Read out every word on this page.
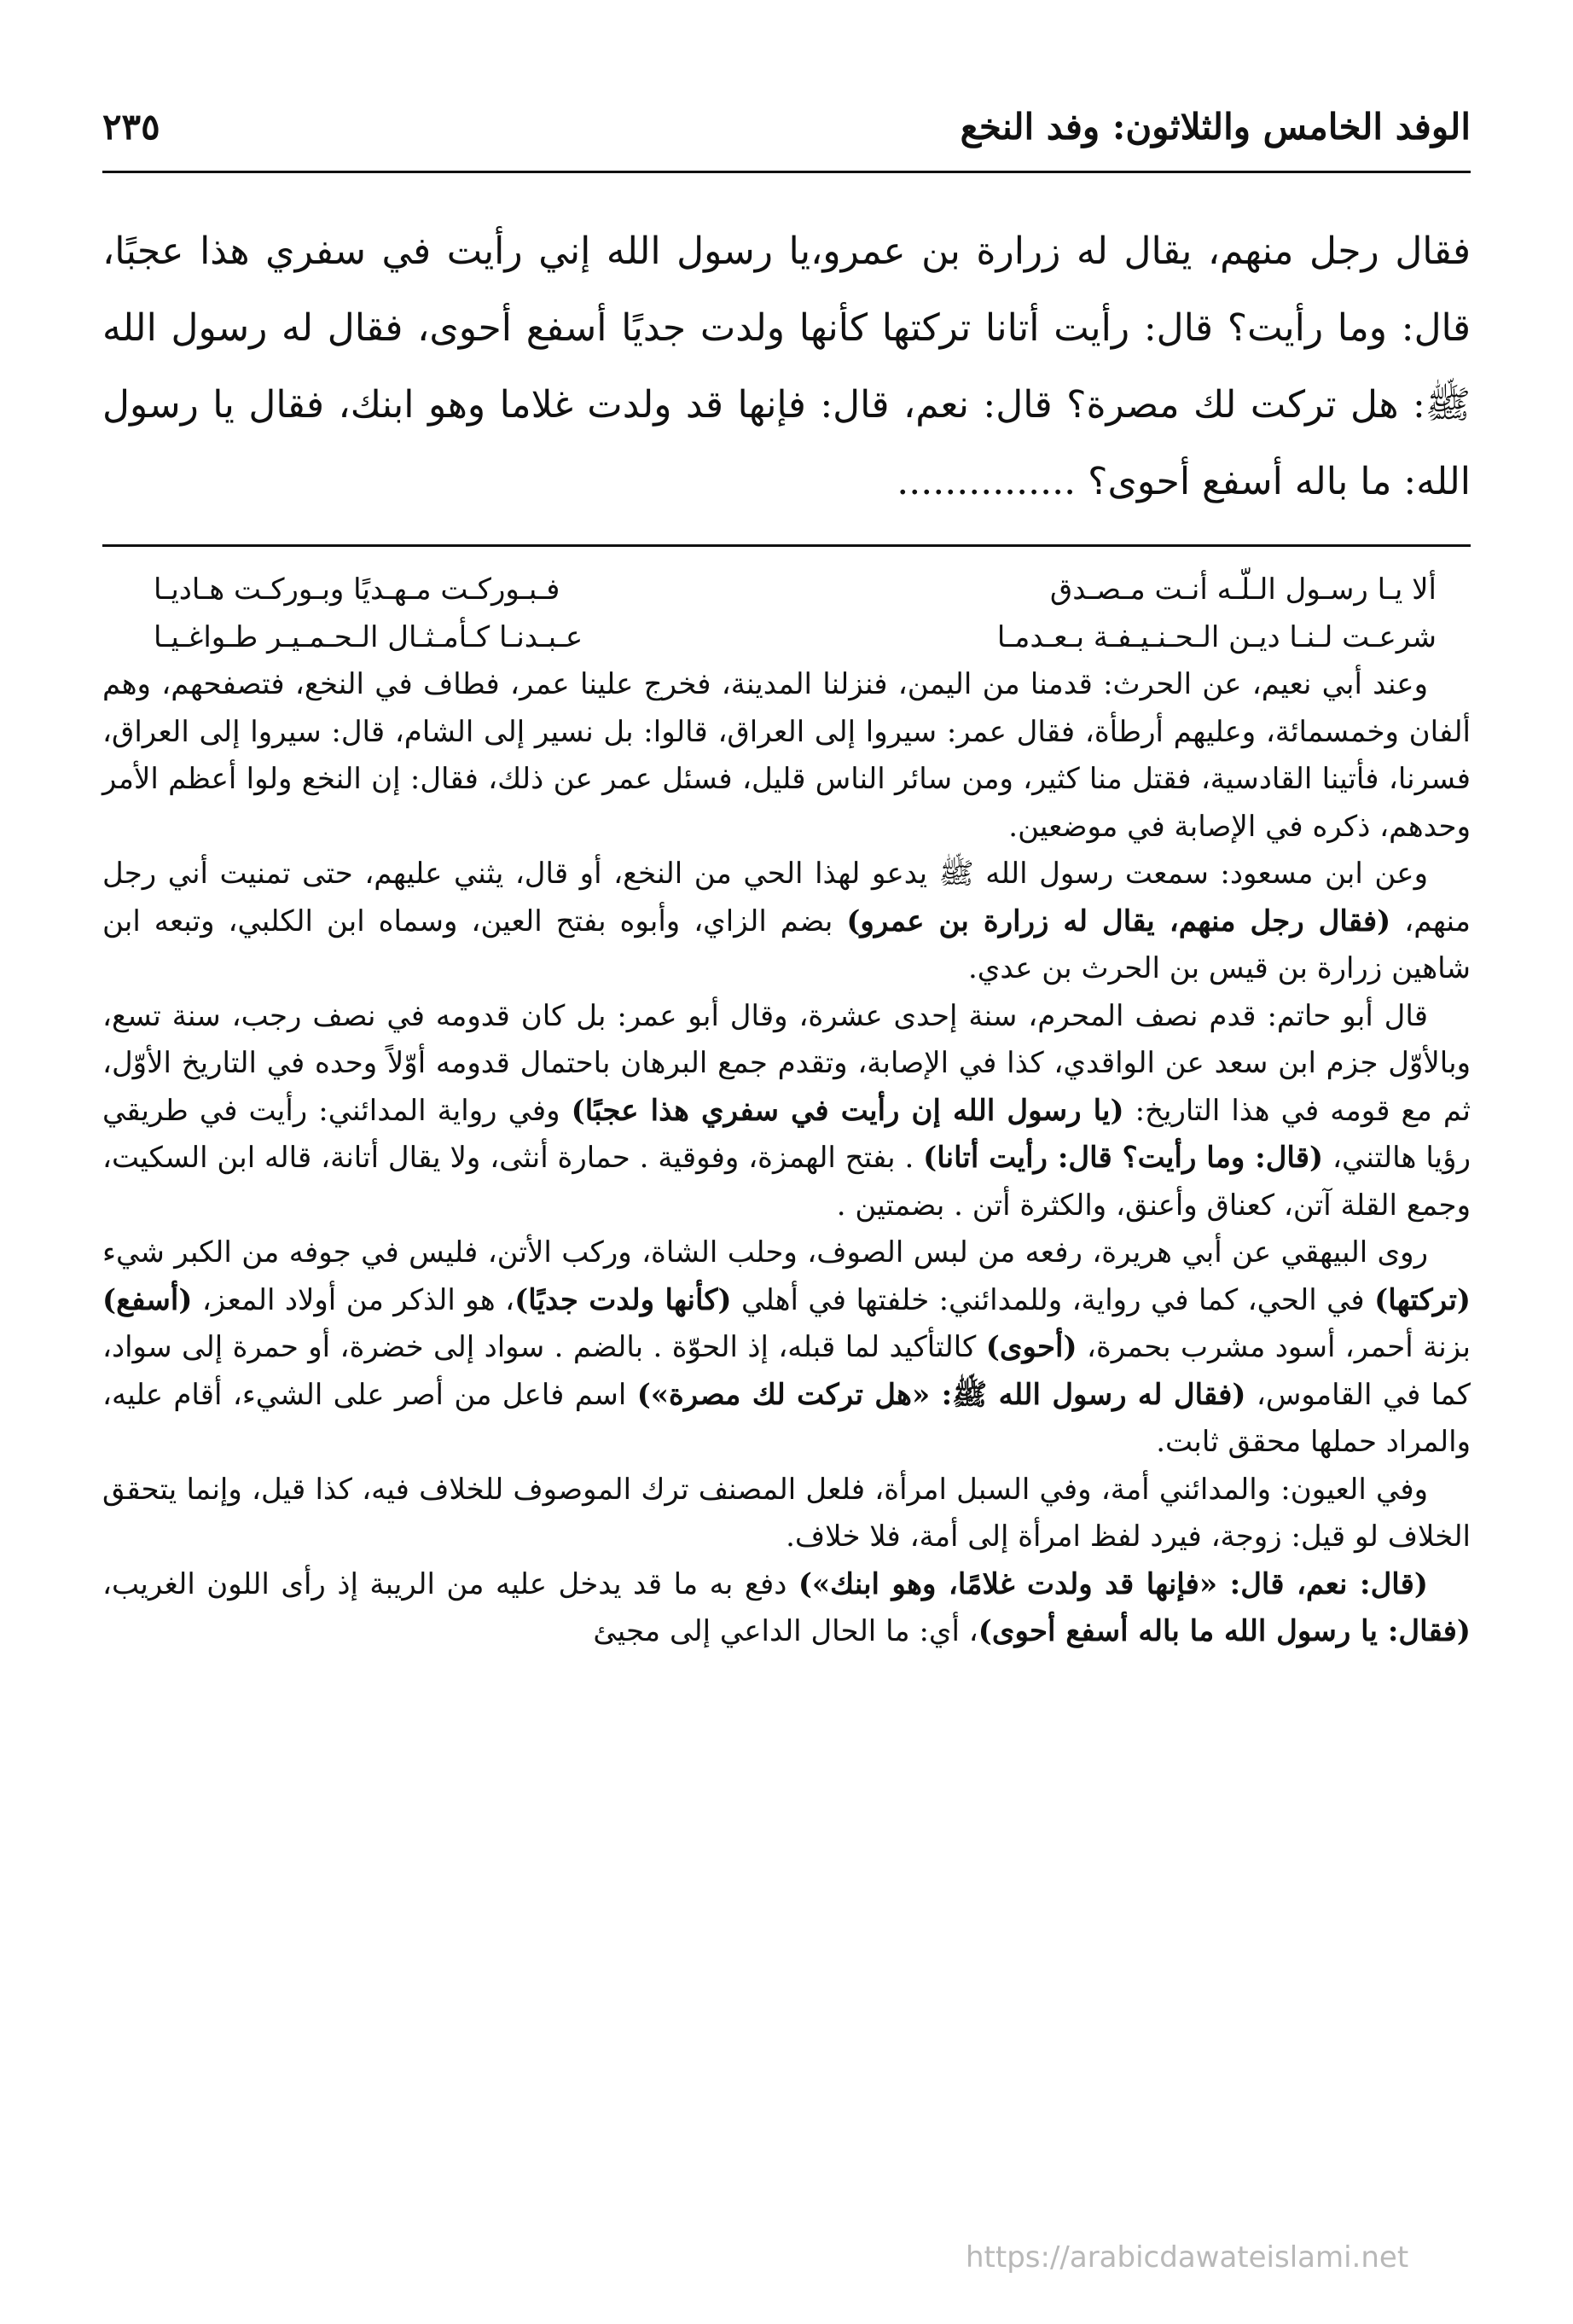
الوفد الخامس والثلاثون: وفد النخع
٢٣٥

فقال رجل منهم، يقال له زرارة بن عمرو،يا رسول الله إني رأيت في سفري هذا عجبًا، قال: وما رأيت؟ قال: رأيت أتانا تركتها كأنها ولدت جديًا أسفع أحوى، فقال له رسول الله ﷺ: هل تركت لك مصرة؟ قال: نعم، قال: فإنها قد ولدت غلاما وهو ابنك، فقال يا رسول الله: ما باله أسفع أحوى؟ ...............

ألا يـا رسـول الـلّـه أنـت مـصـدق
فـبـوركـت مـهـديًا وبـوركـت هـاديـا

شرعـت لـنـا ديـن الـحـنـيـفـة بـعـدمـا
عـبـدنـا كـأمـثـال الـحـمـيـر طـواغـيـا

وعند أبي نعيم، عن الحرث: قدمنا من اليمن، فنزلنا المدينة، فخرج علينا عمر، فطاف في النخع، فتصفحهم، وهم ألفان وخمسمائة، وعليهم أرطأة، فقال عمر: سيروا إلى العراق، قالوا: بل نسير إلى الشام، قال: سيروا إلى العراق، فسرنا، فأتينا القادسية، فقتل منا كثير، ومن سائر الناس قليل، فسئل عمر عن ذلك، فقال: إن النخع ولوا أعظم الأمر وحدهم، ذكره في الإصابة في موضعين.

وعن ابن مسعود: سمعت رسول الله ﷺ يدعو لهذا الحي من النخع، أو قال، يثني عليهم، حتى تمنيت أني رجل منهم، (فقال رجل منهم، يقال له زرارة بن عمرو) بضم الزاي، وأبوه بفتح العين، وسماه ابن الكلبي، وتبعه ابن شاهين زرارة بن قيس بن الحرث بن عدي.

قال أبو حاتم: قدم نصف المحرم، سنة إحدى عشرة، وقال أبو عمر: بل كان قدومه في نصف رجب، سنة تسع، وبالأوّل جزم ابن سعد عن الواقدي، كذا في الإصابة، وتقدم جمع البرهان باحتمال قدومه أوّلاً وحده في التاريخ الأوّل، ثم مع قومه في هذا التاريخ: (يا رسول الله إن رأيت في سفري هذا عجبًا) وفي رواية المدائني: رأيت في طريقي رؤيا هالتني، (قال: وما رأيت؟ قال: رأيت أتانا) . بفتح الهمزة، وفوقية . حمارة أنثى، ولا يقال أتانة، قاله ابن السكيت، وجمع القلة آتن، كعناق وأعنق، والكثرة أتن . بضمتين .

روى البيهقي عن أبي هريرة، رفعه من لبس الصوف، وحلب الشاة، وركب الأتن، فليس في جوفه من الكبر شيء (تركتها) في الحي، كما في رواية، وللمدائني: خلفتها في أهلي (كأنها ولدت جديًا)، هو الذكر من أولاد المعز، (أسفع) بزنة أحمر، أسود مشرب بحمرة، (أحوى) كالتأكيد لما قبله، إذ الحوّة . بالضم . سواد إلى خضرة، أو حمرة إلى سواد، كما في القاموس، (فقال له رسول الله ﷺ: «هل تركت لك مصرة») اسم فاعل من أصر على الشيء، أقام عليه، والمراد حملها محقق ثابت.

وفي العيون: والمدائني أمة، وفي السبل امرأة، فلعل المصنف ترك الموصوف للخلاف فيه، كذا قيل، وإنما يتحقق الخلاف لو قيل: زوجة، فيرد لفظ امرأة إلى أمة، فلا خلاف.

(قال: نعم، قال: «فإنها قد ولدت غلامًا، وهو ابنك») دفع به ما قد يدخل عليه من الريبة إذ رأى اللون الغريب، (فقال: يا رسول الله ما باله أسفع أحوى)، أي: ما الحال الداعي إلى مجيئ

https://arabicdawateislami.net
